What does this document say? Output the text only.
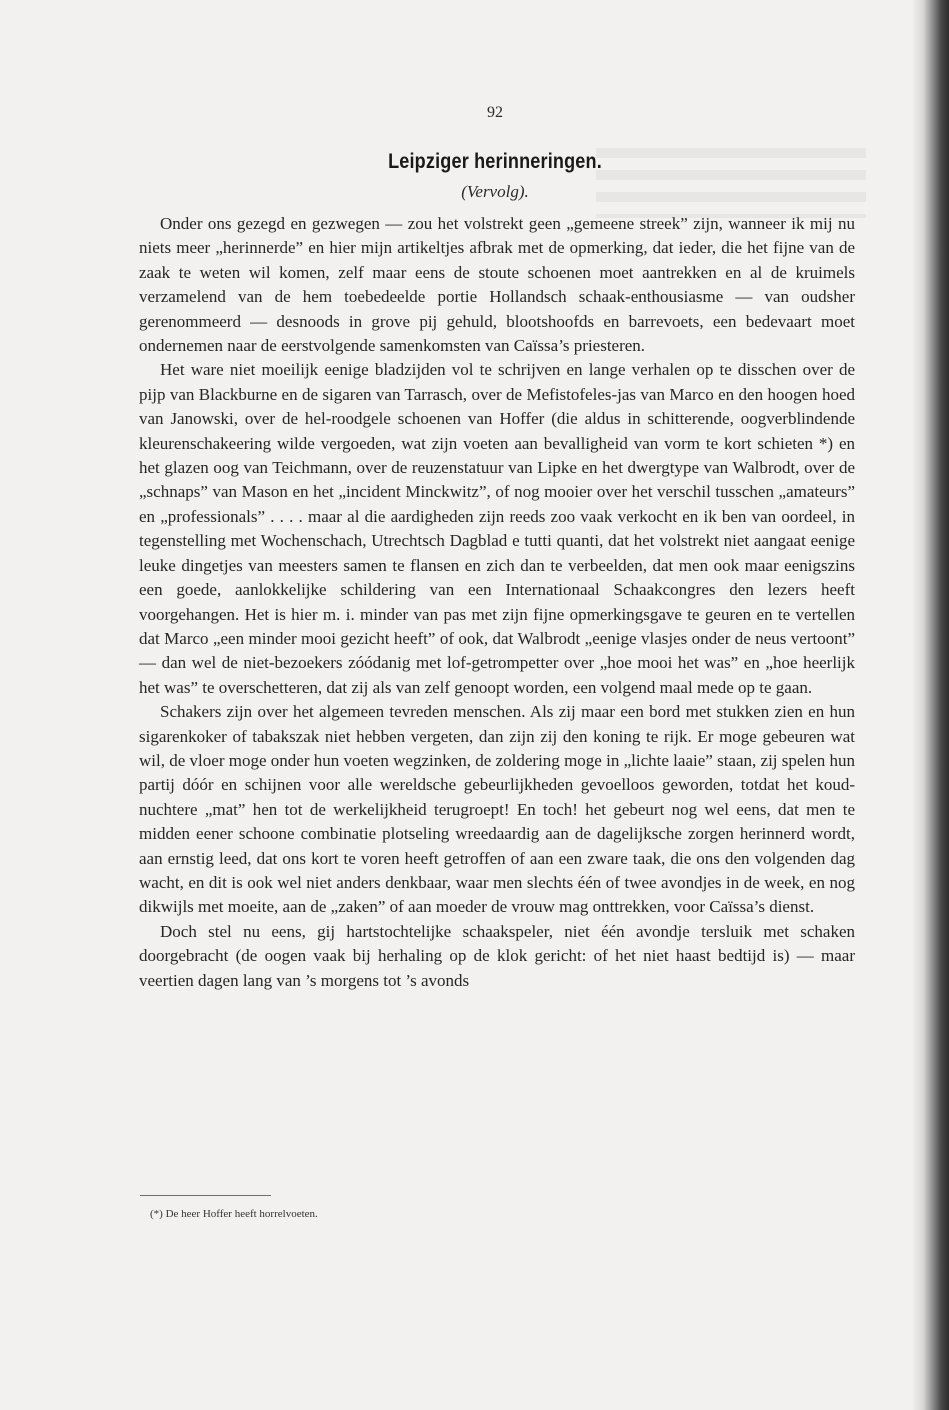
92
Leipziger herinneringen.
(Vervolg).

Onder ons gezegd en gezwegen — zou het volstrekt geen „gemeene streek” zijn, wanneer ik mij nu niets meer „herinnerde” en hier mijn artikeltjes afbrak met de opmerking, dat ieder, die het fijne van de zaak te weten wil komen, zelf maar eens de stoute schoenen moet aantrekken en al de kruimels verzamelend van de hem toebedeelde portie Hollandsch schaak-enthousiasme — van oudsher gerenommeerd — desnoods in grove pij gehuld, blootshoofds en barrevoets, een bedevaart moet ondernemen naar de eerstvolgende samenkomsten van Caïssa’s priesteren.

Het ware niet moeilijk eenige bladzijden vol te schrijven en lange verhalen op te disschen over de pijp van Blackburne en de sigaren van Tarrasch, over de Mefistofeles-jas van Marco en den hoogen hoed van Janowski, over de hel-roodgele schoenen van Hoffer (die aldus in schitterende, oogverblindende kleurenschakeering wilde vergoeden, wat zijn voeten aan bevalligheid van vorm te kort schieten *) en het glazen oog van Teichmann, over de reuzenstatuur van Lipke en het dwergtype van Walbrodt, over de „schnaps” van Mason en het „incident Minckwitz”, of nog mooier over het verschil tusschen „amateurs” en „professionals” . . . . maar al die aardigheden zijn reeds zoo vaak verkocht en ik ben van oordeel, in tegenstelling met Wochenschach, Utrechtsch Dagblad e tutti quanti, dat het volstrekt niet aangaat eenige leuke dingetjes van meesters samen te flansen en zich dan te verbeelden, dat men ook maar eenigszins een goede, aanlokkelijke schildering van een Internationaal Schaakcongres den lezers heeft voorgehangen. Het is hier m. i. minder van pas met zijn fijne opmerkingsgave te geuren en te vertellen dat Marco „een minder mooi gezicht heeft” of ook, dat Walbrodt „eenige vlasjes onder de neus vertoont” — dan wel de niet-bezoekers zóódanig met lof-getrompetter over „hoe mooi het was” en „hoe heerlijk het was” te overschetteren, dat zij als van zelf genoopt worden, een volgend maal mede op te gaan.

Schakers zijn over het algemeen tevreden menschen. Als zij maar een bord met stukken zien en hun sigarenkoker of tabakszak niet hebben vergeten, dan zijn zij den koning te rijk. Er moge gebeuren wat wil, de vloer moge onder hun voeten wegzinken, de zoldering moge in „lichte laaie” staan, zij spelen hun partij dóór en schijnen voor alle wereldsche gebeurlijkheden gevoelloos geworden, totdat het koud-nuchtere „mat” hen tot de werkelijkheid terugroept! En toch! het gebeurt nog wel eens, dat men te midden eener schoone combinatie plotseling wreedaardig aan de dagelijksche zorgen herinnerd wordt, aan ernstig leed, dat ons kort te voren heeft getroffen of aan een zware taak, die ons den volgenden dag wacht, en dit is ook wel niet anders denkbaar, waar men slechts één of twee avondjes in de week, en nog dikwijls met moeite, aan de „zaken” of aan moeder de vrouw mag onttrekken, voor Caïssa’s dienst.

Doch stel nu eens, gij hartstochtelijke schaakspeler, niet één avondje tersluik met schaken doorgebracht (de oogen vaak bij herhaling op de klok gericht: of het niet haast bedtijd is) — maar veertien dagen lang van ’s morgens tot ’s avonds

(*) De heer Hoffer heeft horrelvoeten.
